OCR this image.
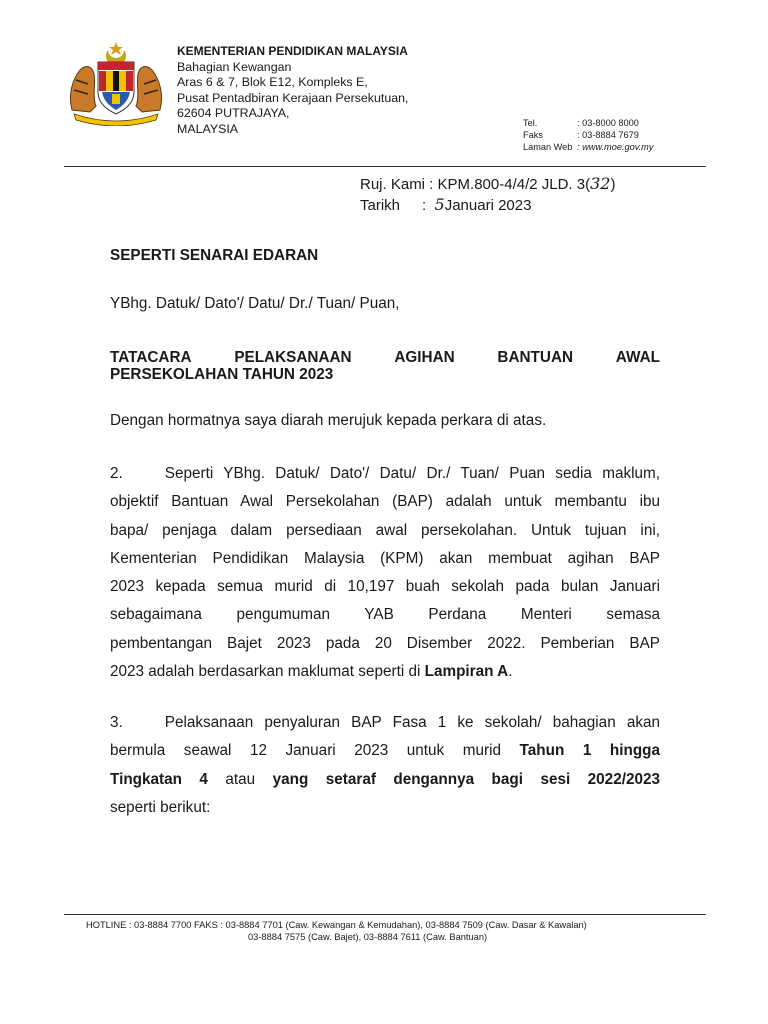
KEMENTERIAN PENDIDIKAN MALAYSIA
Bahagian Kewangan
Aras 6 & 7, Blok E12, Kompleks E,
Pusat Pentadbiran Kerajaan Persekutuan,
62604 PUTRAJAYA,
MALAYSIA	Tel.	: 03-8000 8000
Faks	: 03-8884 7679
Laman Web : www.moe.gov.my
Ruj. Kami : KPM.800-4/4/2 JLD. 3(32)
Tarikh : 5Januari 2023
SEPERTI SENARAI EDARAN
YBhg. Datuk/ Dato'/ Datu/ Dr./ Tuan/ Puan,
TATACARA	PELAKSANAAN	AGIHAN	BANTUAN	AWAL
PERSEKOLAHAN TAHUN 2023
Dengan hormatnya saya diarah merujuk kepada perkara di atas.
2.	Seperti YBhg. Datuk/ Dato'/ Datu/ Dr./ Tuan/ Puan sedia maklum,
objektif Bantuan Awal Persekolahan (BAP) adalah untuk membantu ibu
bapa/ penjaga dalam persediaan awal persekolahan. Untuk tujuan ini,
Kementerian Pendidikan Malaysia (KPM) akan membuat agihan BAP
2023 kepada semua murid di 10,197 buah sekolah pada bulan Januari
sebagaimana pengumuman YAB Perdana Menteri semasa
pembentangan Bajet 2023 pada 20 Disember 2022. Pemberian BAP
2023 adalah berdasarkan maklumat seperti di Lampiran A.
3.	Pelaksanaan penyaluran BAP Fasa 1 ke sekolah/ bahagian akan
bermula seawal 12 Januari 2023 untuk murid Tahun 1 hingga
Tingkatan 4 atau yang setaraf dengannya bagi sesi 2022/2023
seperti berikut:
HOTLINE : 03-8884 7700 FAKS : 03-8884 7701 (Caw. Kewangan & Kemudahan), 03-8884 7509 (Caw. Dasar & Kawalan)
03-8884 7575 (Caw. Bajet), 03-8884 7611 (Caw. Bantuan)
